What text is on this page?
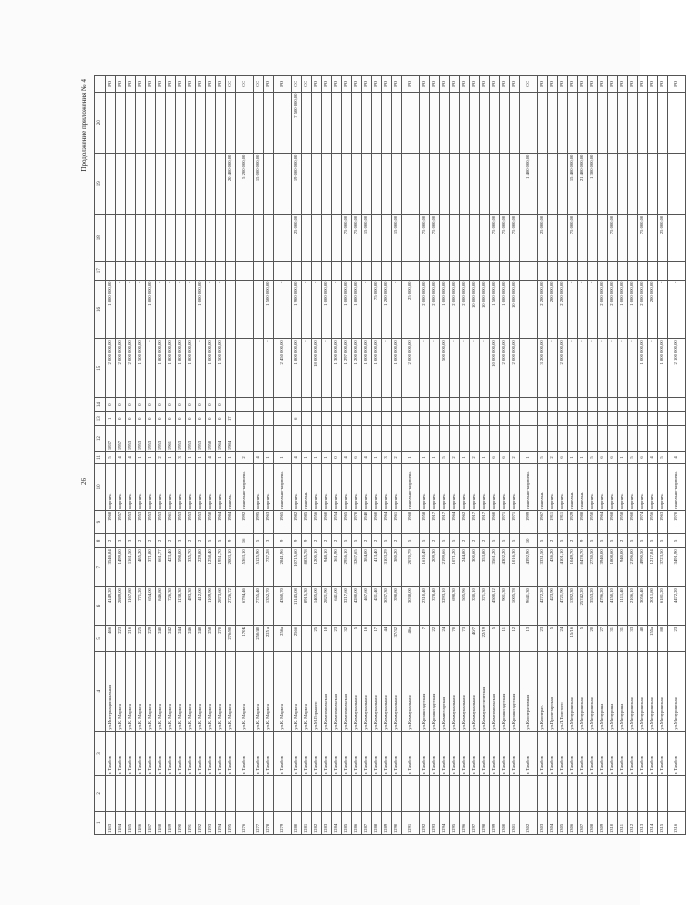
26
Продолжение приложения № 4
1	2	3	4	5	6	7	8	9	10	11	12	13	14	15	16	17	18	19	20	
1183		г. Тамбов	ул.Интернациональная	466	4149,20	3546,84	2	1968	кирпич.	5	1837	1	0	2 000 000,00	1 800 000,00					РО
1184		г. Тамбов	ул.К. Маркса	223	2889,00	1499,00	3	1957	кирпич.	4	1957	0	0	2 000 000,00	-					РО
1185		г. Тамбов	ул.К. Маркса	216	1167,80	1161,50	3	1953	кирпич.	4	1953	0	0	2 000 000,00	-					РО
1186		г. Тамбов	ул.К. Маркса	225	771,20	485,20	2	1953	кирпич.	1	1953	0	0	1 500 000,00	-					РО
1187		г. Тамбов	ул.К. Маркса	229	654,00	371,80	2	1953	кирпич.	1	1953	0	0	-	1 800 000,00					РО
1188		г. Тамбов	ул.К. Маркса	240	846,80	661,77	2	1953	кирпич.	2	1953	0	0	1 800 000,00	-					РО
1189		г. Тамбов	ул.К. Маркса	242	726,30	423,40	2	1961	кирпич.	1	1961	0	0	1 800 000,00	-					РО
1190		г. Тамбов	ул.К. Маркса	244	1138,30	598,00	3	1953	кирпич.	3	1953	0	0	1 800 000,00	-					РО
1191		г. Тамбов	ул.К. Маркса	246	493,30	335,70	2	1953	кирпич.	1	1953	0	0	1 800 000,00	-					РО
1192		г. Тамбов	ул.К. Маркса	248	412,00	229,80	2	1953	кирпич.	1	1953	0	0	-	1 000 000,00					РО
1193		г. Тамбов	ул.К. Маркса	258	1109,90	1258,40	5	1958	кирпич.	4	1958	0	0	1 000 000,00	-					РО
1194		г. Тамбов	ул.К. Маркса	270	2873,60	1951,70	5	1964	кирпич.	1	1964	0	0	1 500 000,00	-					РО
1195		г. Тамбов	ул.К. Маркса	276/80	2726,72	2003,10	9	1984	панель.	1	1984	17						20 400 000,00		СС
1276		г. Тамбов	ул.К. Маркса	170Б	6794,46	5363,10	16	1992	панельно-кирпичн.	2								5 200 000,00		СС
1277		г. Тамбов	ул.К. Маркса	250/40	7755,40	5125,90	5	1995	кирпич.	4								15 000 000,00		СС
1278		г. Тамбов	ул.К. Маркса	225 а	1352,70	737,28	3	1963	кирпич.	1				-	1 500 000,00					РО
1279		г. Тамбов	ул.К. Маркса	256а	4360,70	2841,96	9	1965	панельно-кирпичн.	1				2 450 000,00	-					РО
1280		г. Тамбов	ул.К. Маркса	256б	11145,08	10715,60	9	1982	кирпич.	4		6		1 800 000,00	1 900 000,00		25 000,00	19 000 000,00	7 500 000,00	СС
1281		г. Тамбов	ул.К. Маркса		8915,30	8835,78	9	1985	панельн.	1				-	-					СС
1282		г. Тамбов	ул.М.Горького	25	1405,00	1200,10	2	1956	кирпич.	1				18 000 000,00	-					РО
1283		г. Тамбов	ул.Комсомольская	10	2821,90	948,10	2	1960	кирпич.	1				-	1 000 000,00					РО
1284		г. Тамбов	ул.Комсомольская	23	641,00	361,90	2	1954	кирпич.	0				1 300 000,00	-					РО
1285		г. Тамбов	ул.Комсомольская	32	3217,60	2956,10	5	1965	кирпич.	4				1 297 000,00	1 000 000,00		75 000,00			РО
1286		г. Тамбов	ул.Коммунальная	5	4280,00	3267,65	5	1970	кирпич.	6				1 200 000,00	1 800 000,00		75 000,00			РО
1287		г. Тамбов	ул.Коммунальная	16	467,60	384,00	2	1940	кирпич.	4				1 000 000,00	-		15 000,00			РО
1288		г. Тамбов	ул.Коммунальная	17	431,40	413,40	2	1960	кирпич.	1				1 000 000,00	75 000,00					РО
1289		г. Тамбов	ул.Коммунальная	44	3037,30	3103,29	5	1964	кирпич.	3				-	1 200 000,00					РО
1290		г. Тамбов	ул.Коммунальная	37/32	398,80	380,20	2	1961	кирпич.	2				1 000 000,00	-		15 000,00			РО
1291		г. Тамбов	ул.Коммунальная	46а	3038,00	2070,79	5	1968	панельно-кирпичн.	1				2 000 000,00	25 000,00					РО
1292		г. Тамбов	ул.Кронштадтская	7	2310,40	1610,49	5	1958	кирпич.	1				-	2 000 000,00		75 000,00			РО
1293		г. Тамбов	ул.Кронштадтская	22	378,40	209,30	2	1917	кирпич.	1				-	2 000 000,00		75 000,00			РО
1294		г. Тамбов	ул.Комиссарская	24	3293,10	2199,66	5	1917	кирпич.	5				500 000,00	1 000 000,00					РО
1295		г. Тамбов	ул.Коммунальная	70	698,30	1071,20	5	1964	кирпич.	2				-	2 000 000,00					РО
1296		г. Тамбов	ул.Коммунальная	73	505,96	244,80	2	1962	кирпич.	1				-	2 000 000,00					РО
1297		г. Тамбов	ул.Коммунальная	40/7	330,10	300,60	2	1917	кирпич.	2				-	10 000 000,00					РО
1298		г. Тамбов	ул.Коммунистическая	22/19	371,30	353,80	2	1917	кирпич.	1				-	10 000 000,00					РО
1299		г. Тамбов	ул.Комсомольская	5	4500,12	3561,20	5	1960	кирпич.	6				10 000 000,00	1 500 000,00		75 000,00			РО
1300		г. Тамбов	ул.Кронштадтская	11	901,30	4302,20	5	1971	кирпич.	6				2 000 000,00	1 000 000,00		75 000,00			РО
1301		г. Тамбов	ул.Кронштадтская	12	1005,78	1016,30	5	1971	кирпич.	2				2 000 000,00	10 000 000,00		75 000,00			РО
1302		г. Тамбов	ул.Кооперативная	13	9641,30	4392,90	10	1999	панельно-кирпичн.	1								1 400 000,00		СС
1303		г. Тамбов	ул.Кооперат.	23	4272,20	3331,50	5	1967	панельн.	5				3 200 000,00	2 200 000,00		25 000,00			РО
1304		г. Тамбов	ул.Пролетарская	5	423,90	436,20	2	1911	кирпич.	2				-	200 000,00					РО
1305		г. Тамбов	ул.Л.Толстого	24	4721,90	4101,10	5	1911	кирпич.	6				2 000 000,00	2 200 000,00					РО
1306		г. Тамбов	ул.Мичуринская	15/16	1392,30	1049,70	2	1929	панельн.	1				-	-		75 000,00	15 400 000,00		РО
1307		г. Тамбов	ул.Мичуринская	5	25742,20	8478,70	9	1988	панельн.	1				-	-			21 400 000,00		РО
1308		г. Тамбов	ул.Мичуринская	20	3553,20	2730,50	5	1950	кирпич.	5				-	-			1 300 000,00		РО
1309		г. Тамбов	ул.Мичурина	27	4796,20	3940,00	5	1964	кирпич.	6				-	2 000 000,00					РО
1310		г. Тамбов	ул.Мичурина	31	4150,10	1808,60	5	1968	кирпич.	6				-	2 000 000,00		75 000,00			РО
1311		г. Тамбов	ул.Мичурина	31	1111,40	940,00	2	1958	кирпич.	1				-	1 000 000,00					РО
1312		г. Тамбов	ул.Мичуринская	33	2106,10	2196,00	5	1960	кирпич.	5				-	1 000 000,00					РО
1313		г. Тамбов	ул.Мичуринская	40	3056,40	4990,50	5	1974	кирпич.	6				1 000 000,00	2 000 000,00		75 000,00			РО
1314		г. Тамбов	ул.Мичуринская	155а	2011,80	1217,84	5	1956	кирпич.	4				-	200 000,00					РО
1315		г. Тамбов	ул.Мичуринская	88	6181,20	3723,50	5	1963	кирпич.	5				1 800 000,00	-		25 000,00			РО
1316		г. Тамбов	ул.Мичуринская	23	4472,20	3491,90	5	1970	панельно-кирпичн.	4				2 100 000,00	-					РО
